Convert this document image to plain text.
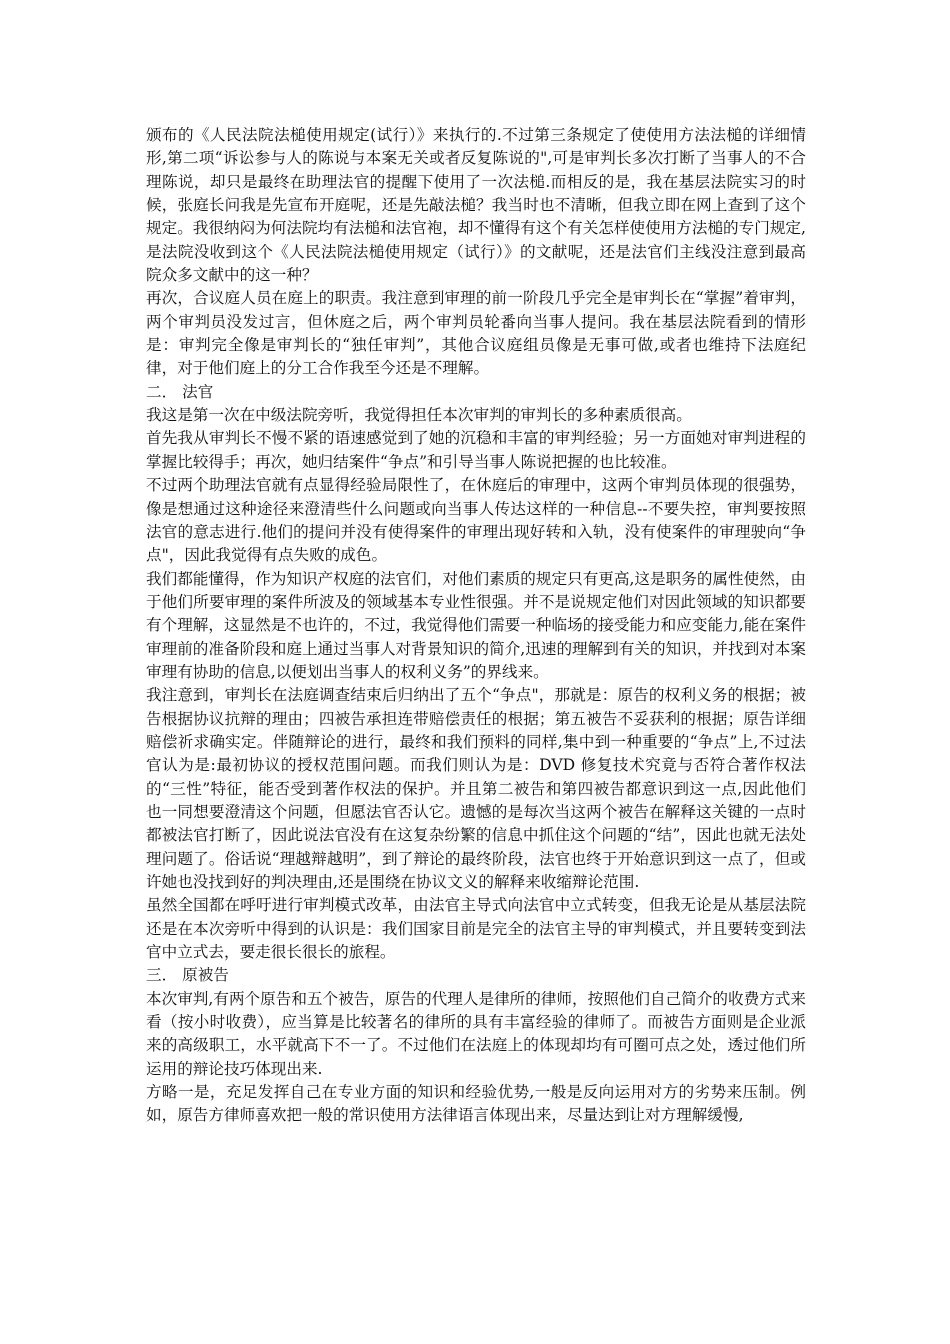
颁布的《人民法院法槌使用规定(试行）》来执行的.不过第三条规定了使使用方法法槌的详细情形,第二项“诉讼参与人的陈说与本案无关或者反复陈说的",可是审判长多次打断了当事人的不合理陈说，却只是最终在助理法官的提醒下使用了一次法槌.而相反的是，我在基层法院实习的时候，张庭长问我是先宣布开庭呢，还是先敲法槌？我当时也不清晰，但我立即在网上查到了这个规定。我很纳闷为何法院均有法槌和法官袍，却不懂得有这个有关怎样使使用方法槌的专门规定,是法院没收到这个《人民法院法槌使用规定（试行）》的文献呢，还是法官们主线没注意到最高院众多文献中的这一种？

再次，合议庭人员在庭上的职责。我注意到审理的前一阶段几乎完全是审判长在“掌握”着审判，两个审判员没发过言，但休庭之后，两个审判员轮番向当事人提问。我在基层法院看到的情形是：审判完全像是审判长的“独任审判”，其他合议庭组员像是无事可做,或者也维持下法庭纪律，对于他们庭上的分工合作我至今还是不理解。

二． 法官

我这是第一次在中级法院旁听，我觉得担任本次审判的审判长的多种素质很高。

首先我从审判长不慢不紧的语速感觉到了她的沉稳和丰富的审判经验；另一方面她对审判进程的掌握比较得手；再次，她归结案件“争点”和引导当事人陈说把握的也比较准。

不过两个助理法官就有点显得经验局限性了，在休庭后的审理中，这两个审判员体现的很强势，像是想通过这种途径来澄清些什么问题或向当事人传达这样的一种信息--不要失控，审判要按照法官的意志进行.他们的提问并没有使得案件的审理出现好转和入轨，没有使案件的审理驶向“争点"，因此我觉得有点失败的成色。

我们都能懂得，作为知识产权庭的法官们，对他们素质的规定只有更高,这是职务的属性使然，由于他们所要审理的案件所波及的领域基本专业性很强。并不是说规定他们对因此领域的知识都要有个理解，这显然是不也许的，不过，我觉得他们需要一种临场的接受能力和应变能力,能在案件审理前的准备阶段和庭上通过当事人对背景知识的简介,迅速的理解到有关的知识，并找到对本案审理有协助的信息,以便划出当事人的权利义务”的界线来。

我注意到，审判长在法庭调查结束后归纳出了五个“争点"，那就是：原告的权利义务的根据；被告根据协议抗辩的理由；四被告承担连带赔偿责任的根据；第五被告不妥获利的根据；原告详细赔偿祈求确实定。伴随辩论的进行，最终和我们预料的同样,集中到一种重要的“争点”上,不过法官认为是:最初协议的授权范围问题。而我们则认为是：DVD 修复技术究竟与否符合著作权法的“三性”特征，能否受到著作权法的保护。并且第二被告和第四被告都意识到这一点,因此他们也一同想要澄清这个问题，但愿法官否认它。遗憾的是每次当这两个被告在解释这关键的一点时都被法官打断了，因此说法官没有在这复杂纷繁的信息中抓住这个问题的“结”，因此也就无法处理问题了。俗话说“理越辩越明”，到了辩论的最终阶段，法官也终于开始意识到这一点了，但或许她也没找到好的判决理由,还是围绕在协议文义的解释来收缩辩论范围.

虽然全国都在呼吁进行审判模式改革，由法官主导式向法官中立式转变，但我无论是从基层法院还是在本次旁听中得到的认识是：我们国家目前是完全的法官主导的审判模式，并且要转变到法官中立式去，要走很长很长的旅程。

三． 原被告

本次审判,有两个原告和五个被告，原告的代理人是律所的律师，按照他们自己简介的收费方式来看（按小时收费），应当算是比较著名的律所的具有丰富经验的律师了。而被告方面则是企业派来的高级职工，水平就高下不一了。不过他们在法庭上的体现却均有可圈可点之处，透过他们所运用的辩论技巧体现出来.

方略一是，充足发挥自己在专业方面的知识和经验优势,一般是反向运用对方的劣势来压制。例如，原告方律师喜欢把一般的常识使用方法律语言体现出来，尽量达到让对方理解缓慢,
